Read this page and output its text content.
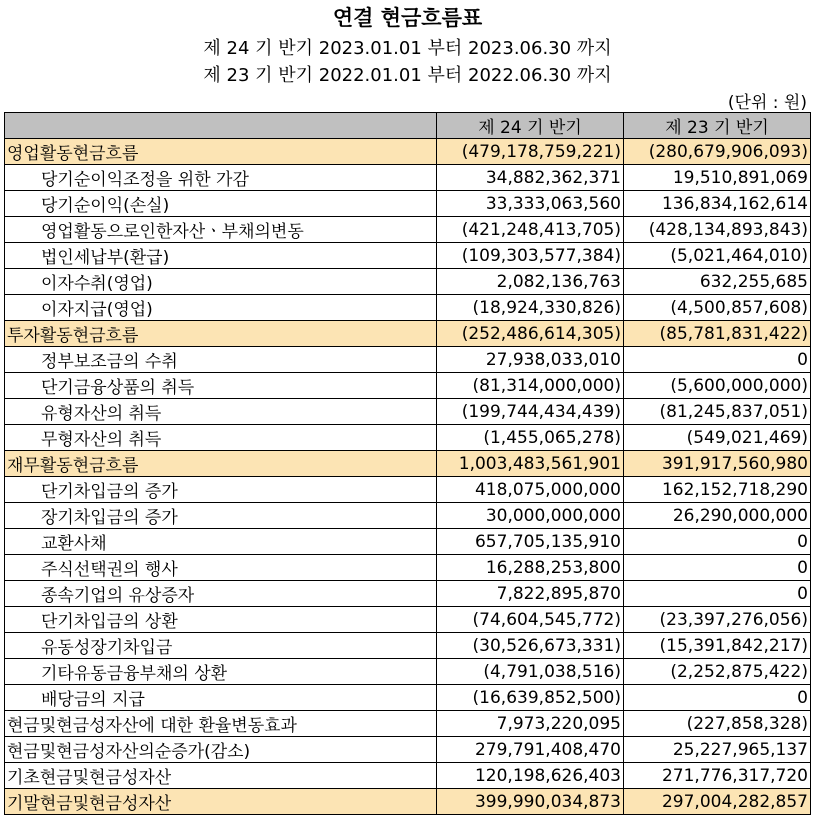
연결 현금흐름표
제 24 기 반기 2023.01.01 부터 2023.06.30 까지
제 23 기 반기 2022.01.01 부터 2022.06.30 까지
(단위 : 원)
	제 24 기 반기	제 23 기 반기
영업활동현금흐름	(479,178,759,221)	(280,679,906,093)
당기순이익조정을 위한 가감	34,882,362,371	19,510,891,069
당기순이익(손실)	33,333,063,560	136,834,162,614
영업활동으로인한자산ㆍ부채의변동	(421,248,413,705)	(428,134,893,843)
법인세납부(환급)	(109,303,577,384)	(5,021,464,010)
이자수취(영업)	2,082,136,763	632,255,685
이자지급(영업)	(18,924,330,826)	(4,500,857,608)
투자활동현금흐름	(252,486,614,305)	(85,781,831,422)
정부보조금의 수취	27,938,033,010	0
단기금융상품의 취득	(81,314,000,000)	(5,600,000,000)
유형자산의 취득	(199,744,434,439)	(81,245,837,051)
무형자산의 취득	(1,455,065,278)	(549,021,469)
재무활동현금흐름	1,003,483,561,901	391,917,560,980
단기차입금의 증가	418,075,000,000	162,152,718,290
장기차입금의 증가	30,000,000,000	26,290,000,000
교환사채	657,705,135,910	0
주식선택권의 행사	16,288,253,800	0
종속기업의 유상증자	7,822,895,870	0
단기차입금의 상환	(74,604,545,772)	(23,397,276,056)
유동성장기차입금	(30,526,673,331)	(15,391,842,217)
기타유동금융부채의 상환	(4,791,038,516)	(2,252,875,422)
배당금의 지급	(16,639,852,500)	0
현금및현금성자산에 대한 환율변동효과	7,973,220,095	(227,858,328)
현금및현금성자산의순증가(감소)	279,791,408,470	25,227,965,137
기초현금및현금성자산	120,198,626,403	271,776,317,720
기말현금및현금성자산	399,990,034,873	297,004,282,857
